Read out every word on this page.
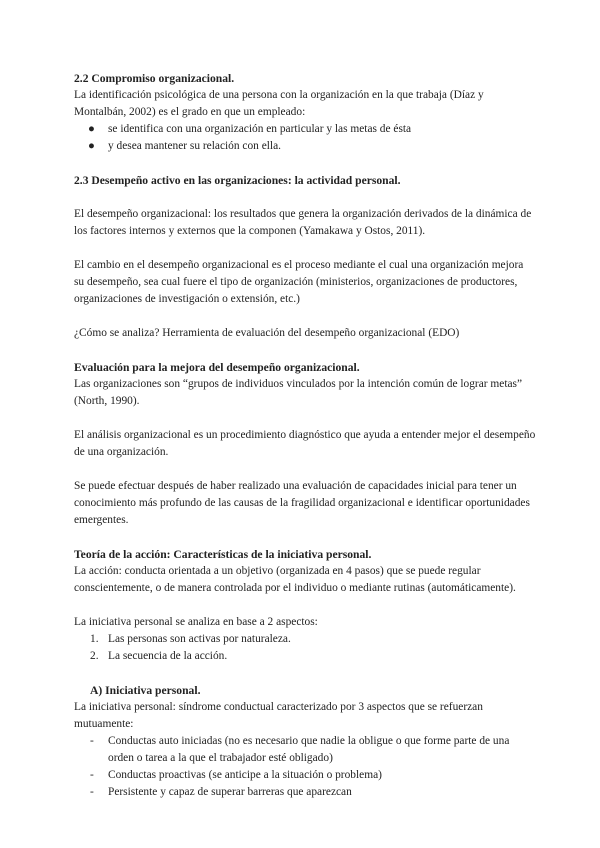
2.2 Compromiso organizacional.

La identificación psicológica de una persona con la organización en la que trabaja (Díaz y Montalbán, 2002) es el grado en que un empleado:

● se identifica con una organización en particular y las metas de ésta
● y desea mantener su relación con ella.
2.3 Desempeño activo en las organizaciones: la actividad personal.

El desempeño organizacional: los resultados que genera la organización derivados de la dinámica de los factores internos y externos que la componen (Yamakawa y Ostos, 2011).

El cambio en el desempeño organizacional es el proceso mediante el cual una organización mejora su desempeño, sea cual fuere el tipo de organización (ministerios, organizaciones de productores, organizaciones de investigación o extensión, etc.)

¿Cómo se analiza? Herramienta de evaluación del desempeño organizacional (EDO)

Evaluación para la mejora del desempeño organizacional.

Las organizaciones son “grupos de individuos vinculados por la intención común de lograr metas” (North, 1990).

El análisis organizacional es un procedimiento diagnóstico que ayuda a entender mejor el desempeño de una organización.

Se puede efectuar después de haber realizado una evaluación de capacidades inicial para tener un conocimiento más profundo de las causas de la fragilidad organizacional e identificar oportunidades emergentes.

Teoría de la acción: Características de la iniciativa personal.

La acción: conducta orientada a un objetivo (organizada en 4 pasos) que se puede regular conscientemente, o de manera controlada por el individuo o mediante rutinas (automáticamente).

La iniciativa personal se analiza en base a 2 aspectos:

1. Las personas son activas por naturaleza.
2. La secuencia de la acción.
A) Iniciativa personal.

La iniciativa personal: síndrome conductual caracterizado por 3 aspectos que se refuerzan mutuamente:

- Conductas auto iniciadas (no es necesario que nadie la obligue o que forme parte de una orden o tarea a la que el trabajador esté obligado)
- Conductas proactivas (se anticipe a la situación o problema)
- Persistente y capaz de superar barreras que aparezcan
